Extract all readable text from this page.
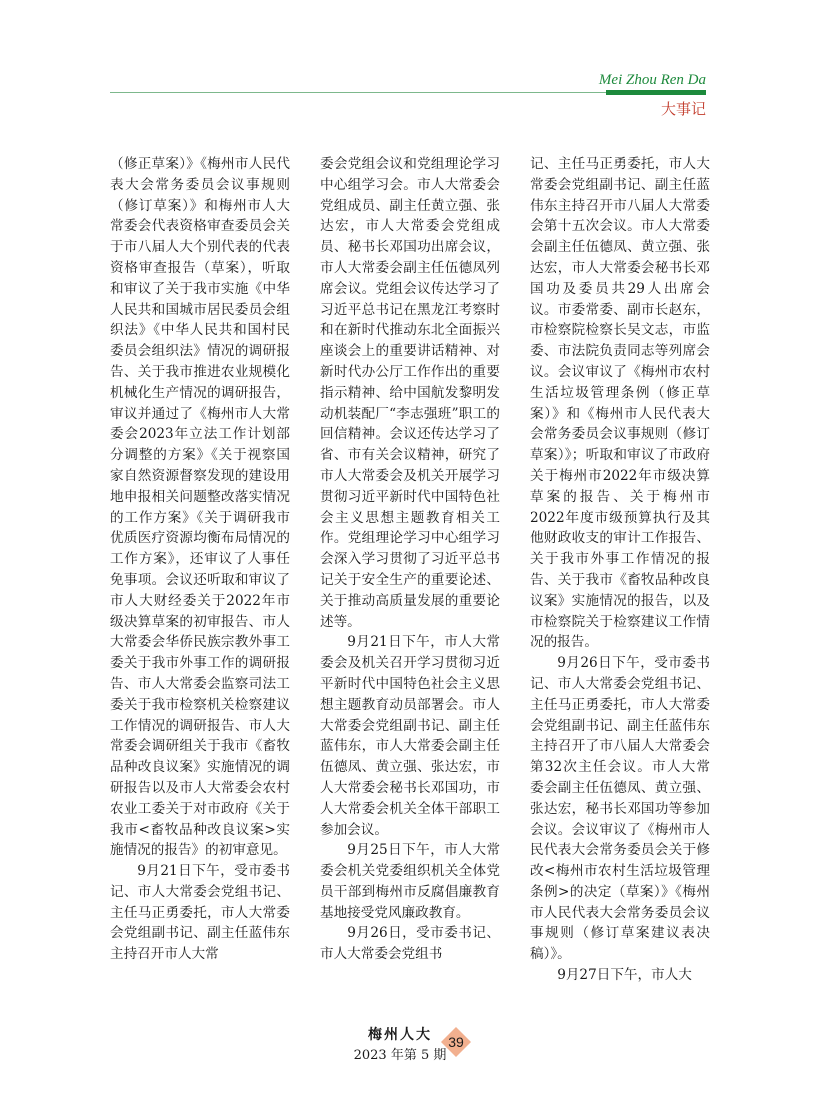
Mei Zhou Ren Da
大事记

（修正草案）》《梅州市人民代表大会常务委员会议事规则（修订草案）》和梅州市人大常委会代表资格审查委员会关于市八届人大个别代表的代表资格审查报告（草案），听取和审议了关于我市实施《中华人民共和国城市居民委员会组织法》《中华人民共和国村民委员会组织法》情况的调研报告、关于我市推进农业规模化机械化生产情况的调研报告，审议并通过了《梅州市人大常委会2023年立法工作计划部分调整的方案》《关于视察国家自然资源督察发现的建设用地申报相关问题整改落实情况的工作方案》《关于调研我市优质医疗资源均衡布局情况的工作方案》，还审议了人事任免事项。会议还听取和审议了市人大财经委关于2022年市级决算草案的初审报告、市人大常委会华侨民族宗教外事工委关于我市外事工作的调研报告、市人大常委会监察司法工委关于我市检察机关检察建议工作情况的调研报告、市人大常委会调研组关于我市《畜牧品种改良议案》实施情况的调研报告以及市人大常委会农村农业工委关于对市政府《关于我市<畜牧品种改良议案>实施情况的报告》的初审意见。

9月21日下午，受市委书记、市人大常委会党组书记、主任马正勇委托，市人大常委会党组副书记、副主任蓝伟东主持召开市人大常

委会党组会议和党组理论学习中心组学习会。市人大常委会党组成员、副主任黄立强、张达宏，市人大常委会党组成员、秘书长邓国功出席会议，市人大常委会副主任伍德凤列席会议。党组会议传达学习了习近平总书记在黑龙江考察时和在新时代推动东北全面振兴座谈会上的重要讲话精神、对新时代办公厅工作作出的重要指示精神、给中国航发黎明发动机装配厂“李志强班”职工的回信精神。会议还传达学习了省、市有关会议精神，研究了市人大常委会及机关开展学习贯彻习近平新时代中国特色社会主义思想主题教育相关工作。党组理论学习中心组学习会深入学习贯彻了习近平总书记关于安全生产的重要论述、关于推动高质量发展的重要论述等。

9月21日下午，市人大常委会及机关召开学习贯彻习近平新时代中国特色社会主义思想主题教育动员部署会。市人大常委会党组副书记、副主任蓝伟东，市人大常委会副主任伍德凤、黄立强、张达宏，市人大常委会秘书长邓国功，市人大常委会机关全体干部职工参加会议。

9月25日下午，市人大常委会机关党委组织机关全体党员干部到梅州市反腐倡廉教育基地接受党风廉政教育。

9月26日，受市委书记、市人大常委会党组书

记、主任马正勇委托，市人大常委会党组副书记、副主任蓝伟东主持召开市八届人大常委会第十五次会议。市人大常委会副主任伍德凤、黄立强、张达宏，市人大常委会秘书长邓国功及委员共29人出席会议。市委常委、副市长赵东，市检察院检察长吴文志，市监委、市法院负责同志等列席会议。会议审议了《梅州市农村生活垃圾管理条例（修正草案）》和《梅州市人民代表大会常务委员会议事规则（修订草案）》；听取和审议了市政府关于梅州市2022年市级决算草案的报告、关于梅州市2022年度市级预算执行及其他财政收支的审计工作报告、关于我市外事工作情况的报告、关于我市《畜牧品种改良议案》实施情况的报告，以及市检察院关于检察建议工作情况的报告。

9月26日下午，受市委书记、市人大常委会党组书记、主任马正勇委托，市人大常委会党组副书记、副主任蓝伟东主持召开了市八届人大常委会第32次主任会议。市人大常委会副主任伍德凤、黄立强、张达宏，秘书长邓国功等参加会议。会议审议了《梅州市人民代表大会常务委员会关于修改<梅州市农村生活垃圾管理条例>的决定（草案）》《梅州市人民代表大会常务委员会议事规则（修订草案建议表决稿）》。

9月27日下午，市人大

梅州人大
2023 年第 5 期
39
